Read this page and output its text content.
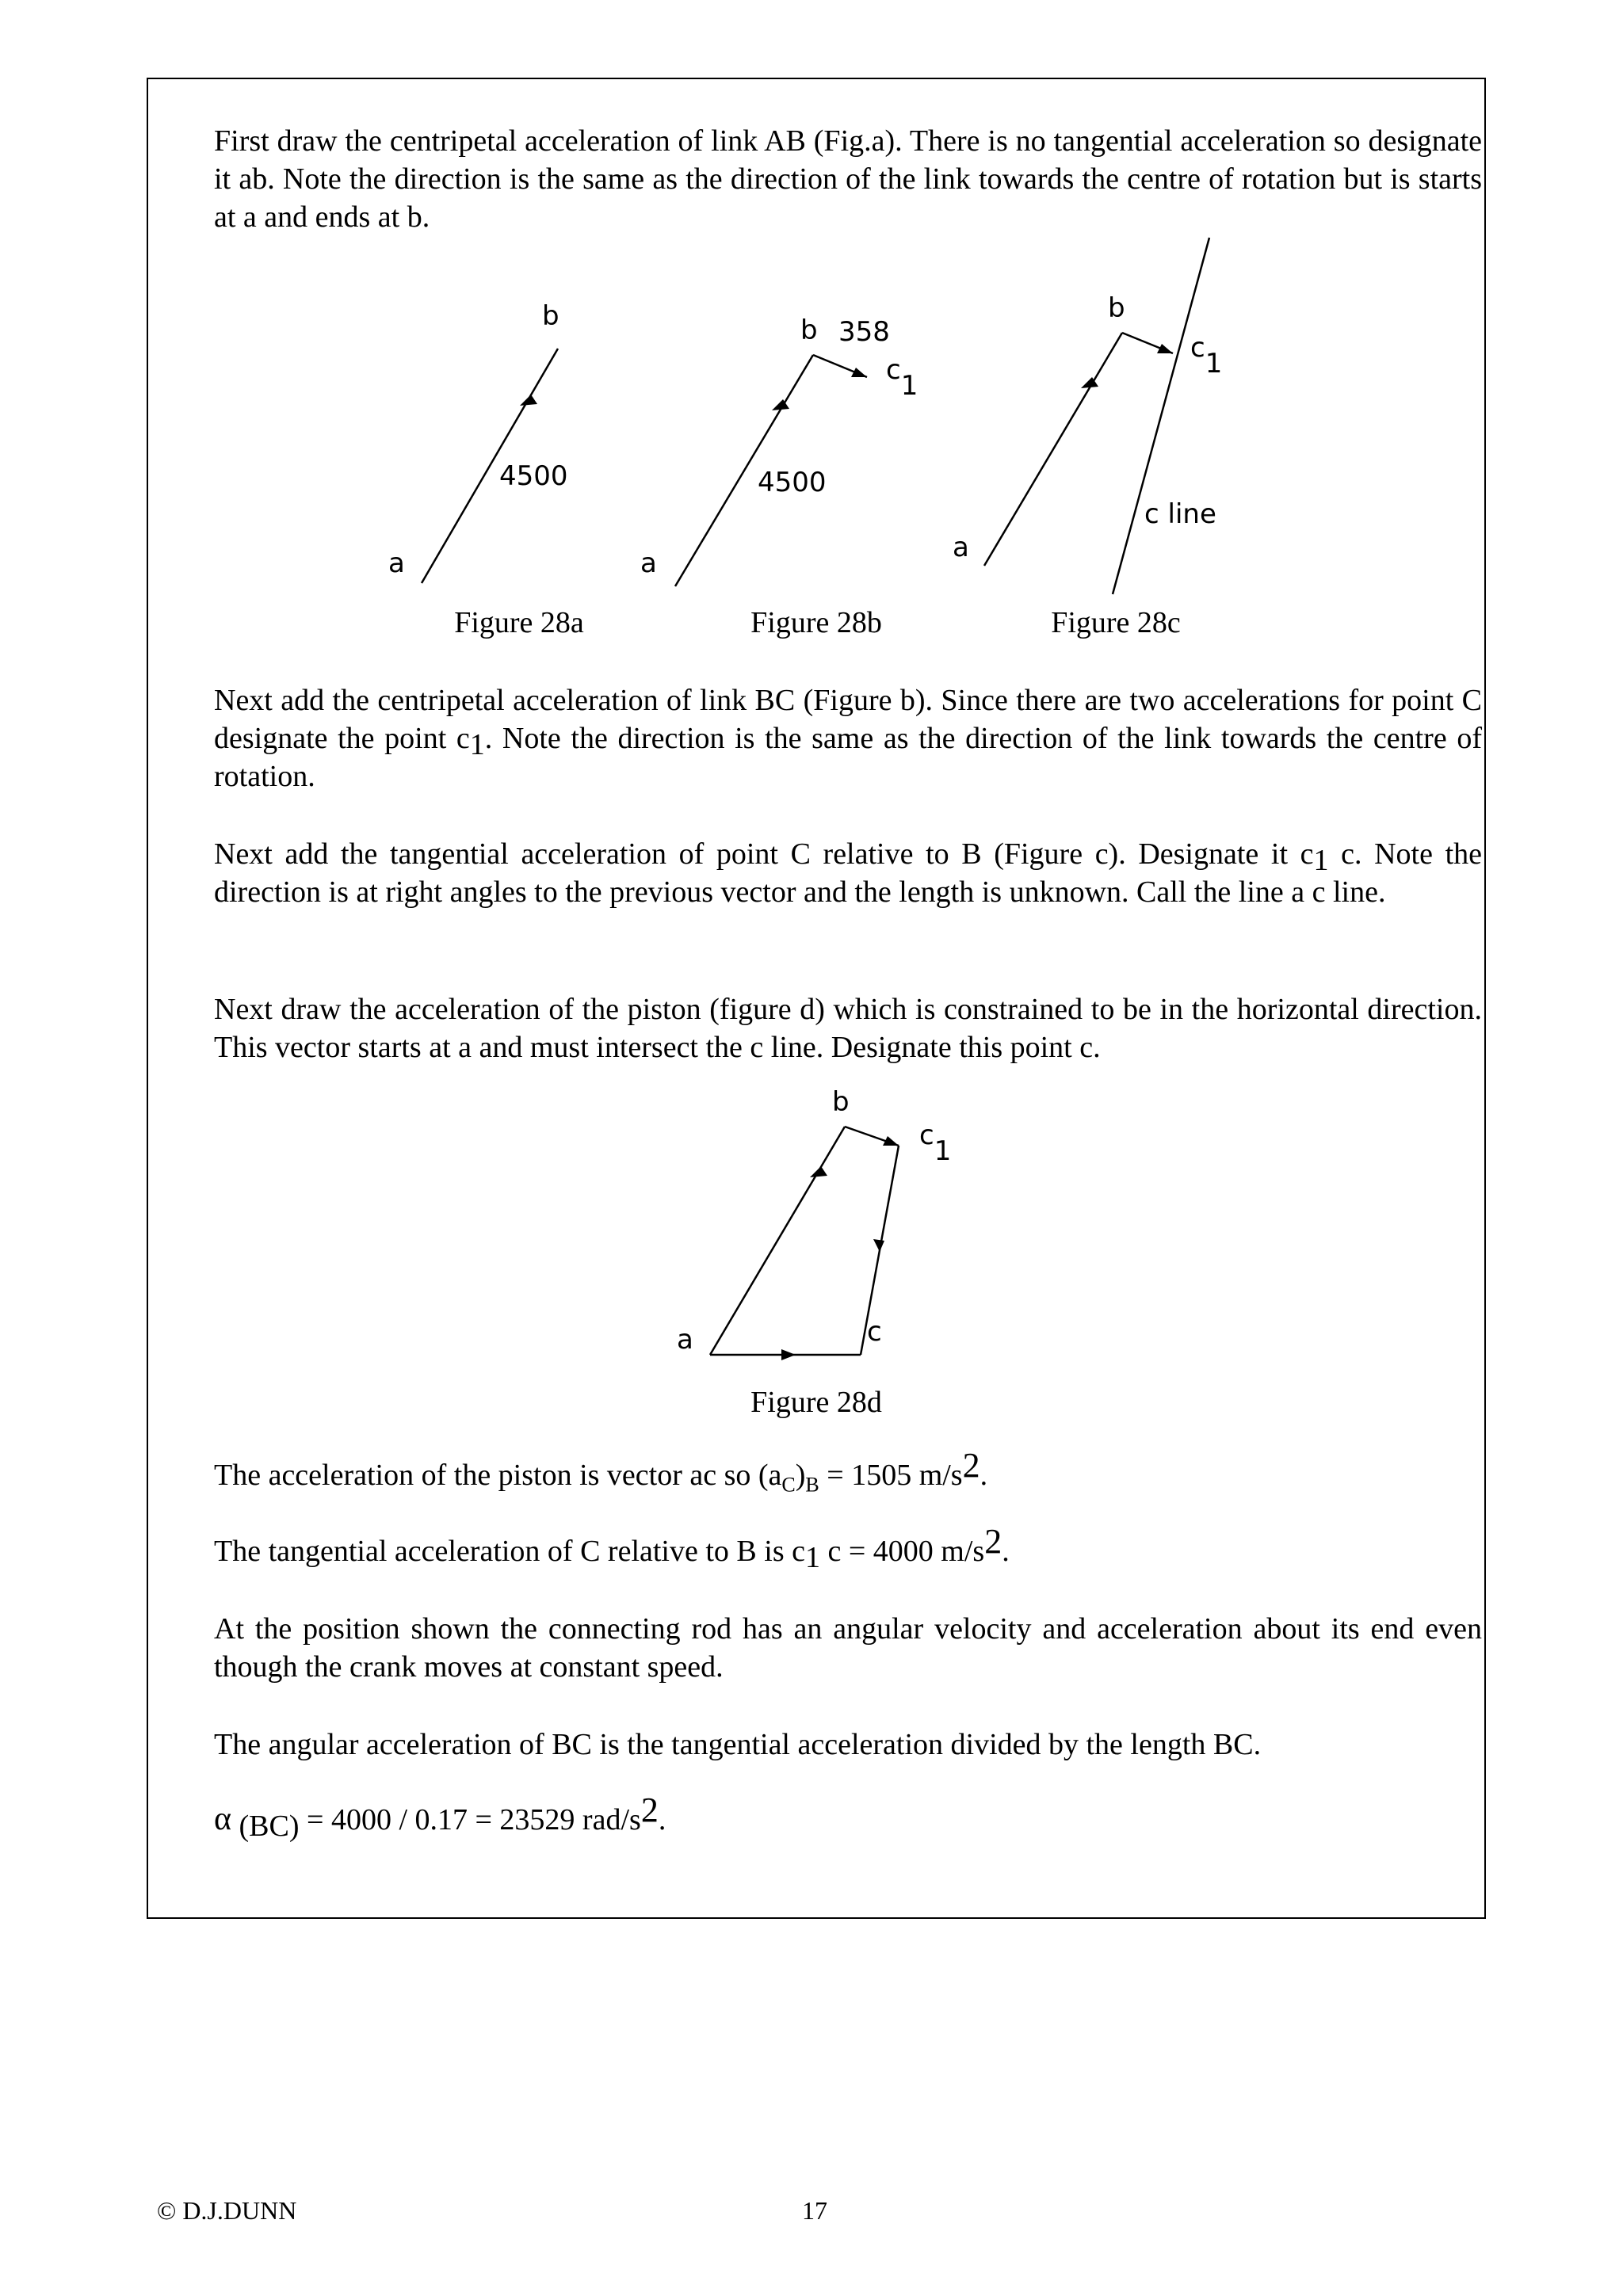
First draw the centripetal acceleration of link AB (Fig.a). There is no tangential acceleration so designate it ab. Note the direction is the same as the direction of the link towards the centre of rotation but is starts at a and ends at b.

b
4500
a
Figure 28a
b 358
c1
4500
a
Figure 28b
b
c1
c line
a
Figure 28c

Next add the centripetal acceleration of link BC (Figure b). Since there are two accelerations for point C designate the point c1. Note the direction is the same as the direction of the link towards the centre of rotation.

Next add the tangential acceleration of point C relative to B (Figure c). Designate it c1 c. Note the direction is at right angles to the previous vector and the length is unknown. Call the line a c line.

Next draw the acceleration of the piston (figure d) which is constrained to be in the horizontal direction. This vector starts at a and must intersect the c line. Designate this point c.

b
c1
c
a
Figure 28d

The acceleration of the piston is vector ac so $(a_C)_B = 1505$ m/s2.

The tangential acceleration of C relative to B is c1 c = 4000 m/s2.

At the position shown the connecting rod has an angular velocity and acceleration about its end even though the crank moves at constant speed.

The angular acceleration of BC is the tangential acceleration divided by the length BC.

α (BC) = 4000 / 0.17 = 23529 rad/s2.

© D.J.DUNN	17
